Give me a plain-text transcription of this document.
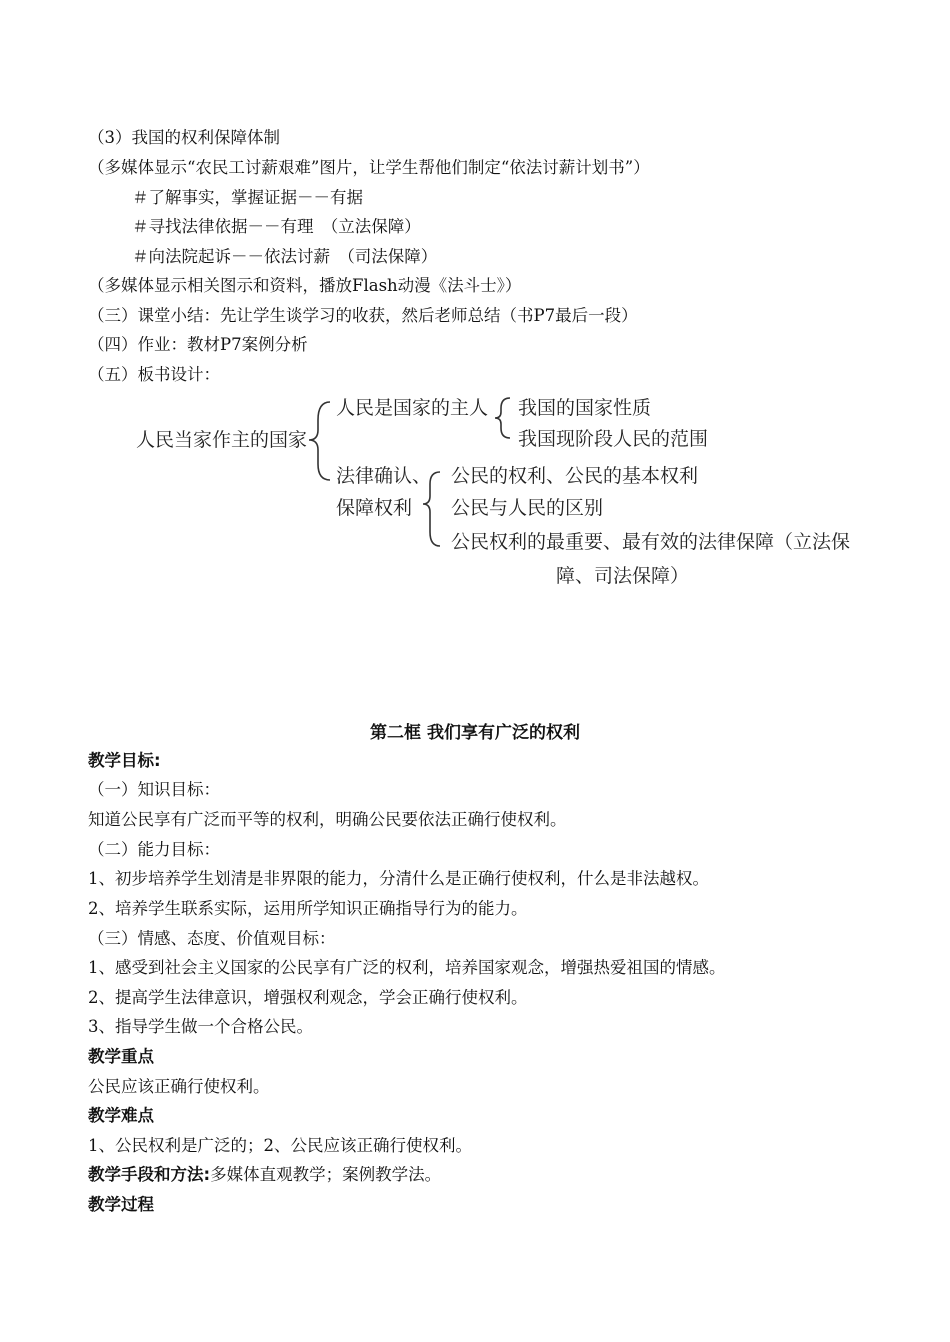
（3）我国的权利保障体制
（多媒体显示“农民工讨薪艰难”图片，让学生帮他们制定“依法讨薪计划书”）
＃了解事实，掌握证据－－有据
＃寻找法律依据－－有理　（立法保障）
＃向法院起诉－－依法讨薪　（司法保障）
（多媒体显示相关图示和资料，播放Flash动漫《法斗士》）
（三）课堂小结：先让学生谈学习的收获，然后老师总结（书P7最后一段）
（四）作业：教材P7案例分析
（五）板书设计：
人民当家作主的国家
人民是国家的主人 我国的国家性质
我国现阶段人民的范围
法律确认、
保障权利
公民的权利、公民的基本权利
公民与人民的区别
公民权利的最重要、最有效的法律保障（立法保
障、司法保障）
第二框 我们享有广泛的权利
教学目标:
（一）知识目标：
知道公民享有广泛而平等的权利，明确公民要依法正确行使权利。
（二）能力目标：
1、初步培养学生划清是非界限的能力，分清什么是正确行使权利，什么是非法越权。
2、培养学生联系实际，运用所学知识正确指导行为的能力。
（三）情感、态度、价值观目标：
1、感受到社会主义国家的公民享有广泛的权利，培养国家观念，增强热爱祖国的情感。
2、提高学生法律意识，增强权利观念，学会正确行使权利。
3、指导学生做一个合格公民。
教学重点
公民应该正确行使权利。
教学难点
1、公民权利是广泛的；2、公民应该正确行使权利。
教学手段和方法:多媒体直观教学；案例教学法。
教学过程
